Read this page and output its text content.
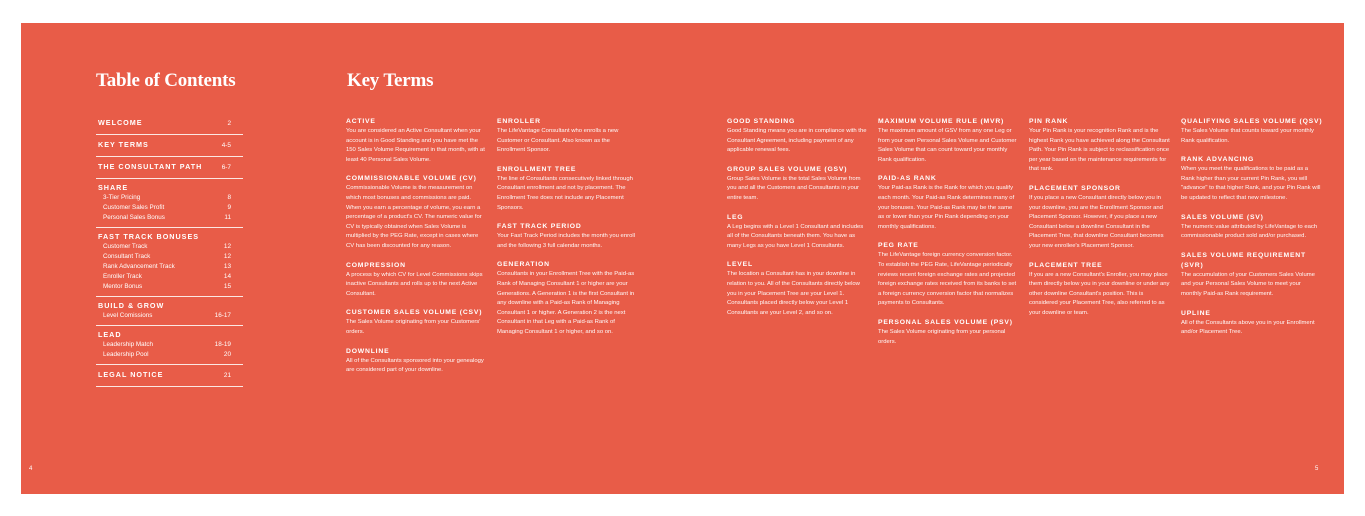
Table of Contents
WELCOME	2
KEY TERMS	4-5
THE CONSULTANT PATH	6-7
SHARE
3-Tier Pricing	8
Customer Sales Profit	9
Personal Sales Bonus	11
FAST TRACK BONUSES
Customer Track	12
Consultant Track	12
Rank Advancement Track	13
Enroller Track	14
Mentor Bonus	15
BUILD & GROW
Level Comissions	16-17
LEAD
Leadership Match	18-19
Leadership Pool	20
LEGAL NOTICE	21
Key Terms
ACTIVE
You are considered an Active Consultant when your account is in Good Standing and you have met the 150 Sales Volume Requirement in that month, with at least 40 Personal Sales Volume.
COMMISSIONABLE VOLUME (CV)
Commissionable Volume is the measurement on which most bonuses and commissions are paid. When you earn a percentage of volume, you earn a percentage of a product's CV. The numeric value for CV is typically obtained when Sales Volume is multiplied by the PEG Rate, except in cases where CV has been discounted for any reason.
COMPRESSION
A process by which CV for Level Commissions skips inactive Consultants and rolls up to the next Active Consultant.
CUSTOMER SALES VOLUME (CSV)
The Sales Volume originating from your Customers' orders.
DOWNLINE
All of the Consultants sponsored into your genealogy are considered part of your downline.
ENROLLER
The LifeVantage Consultant who enrolls a new Customer or Consultant. Also known as the Enrollment Sponsor.
ENROLLMENT TREE
The line of Consultants consecutively linked through Consultant enrollment and not by placement. The Enrollment Tree does not include any Placement Sponsors.
FAST TRACK PERIOD
Your Fast Track Period includes the month you enroll and the following 3 full calendar months.
GENERATION
Consultants in your Enrollment Tree with the Paid-as Rank of Managing Consultant 1 or higher are your Generations. A Generation 1 is the first Consultant in any downline with a Paid-as Rank of Managing Consultant 1 or higher. A Generation 2 is the next Consultant in that Leg with a Paid-as Rank of Managing Consultant 1 or higher, and so on.
GOOD STANDING
Good Standing means you are in compliance with the Consultant Agreement, including payment of any applicable renewal fees.
GROUP SALES VOLUME (GSV)
Group Sales Volume is the total Sales Volume from you and all the Customers and Consultants in your entire team.
LEG
A Leg begins with a Level 1 Consultant and includes all of the Consultants beneath them. You have as many Legs as you have Level 1 Consultants.
LEVEL
The location a Consultant has in your downline in relation to you. All of the Consultants directly below you in your Placement Tree are your Level 1. Consultants placed directly below your Level 1 Consultants are your Level 2, and so on.
MAXIMUM VOLUME RULE (MVR)
The maximum amount of GSV from any one Leg or from your own Personal Sales Volume and Customer Sales Volume that can count toward your monthly Rank qualification.
PAID-AS RANK
Your Paid-as Rank is the Rank for which you qualify each month. Your Paid-as Rank determines many of your bonuses. Your Paid-as Rank may be the same as or lower than your Pin Rank depending on your monthly qualifications.
PEG RATE
The LifeVantage foreign currency conversion factor. To establish the PEG Rate, LifeVantage periodically reviews recent foreign exchange rates and projected foreign exchange rates received from its banks to set a foreign currency conversion factor that normalizes payments to Consultants.
PERSONAL SALES VOLUME (PSV)
The Sales Volume originating from your personal orders.
PIN RANK
Your Pin Rank is your recognition Rank and is the highest Rank you have achieved along the Consultant Path. Your Pin Rank is subject to reclassification once per year based on the maintenance requirements for that rank.
PLACEMENT SPONSOR
If you place a new Consultant directly below you in your downline, you are the Enrollment Sponsor and Placement Sponsor. However, if you place a new Consultant below a downline Consultant in the Placement Tree, that downline Consultant becomes your new enrollee's Placement Sponsor.
PLACEMENT TREE
If you are a new Consultant's Enroller, you may place them directly below you in your downline or under any other downline Consultant's position. This is considered your Placement Tree, also referred to as your downline or team.
QUALIFYING SALES VOLUME (QSV)
The Sales Volume that counts toward your monthly Rank qualification.
RANK ADVANCING
When you meet the qualifications to be paid as a Rank higher than your current Pin Rank, you will "advance" to that higher Rank, and your Pin Rank will be updated to reflect that new milestone.
SALES VOLUME (SV)
The numeric value attributed by LifeVantage to each commissionable product sold and/or purchased.
SALES VOLUME REQUIREMENT (SVR)
The accumulation of your Customers Sales Volume and your Personal Sales Volume to meet your monthly Paid-as Rank requirement.
UPLINE
All of the Consultants above you in your Enrollment and/or Placement Tree.
4	5
